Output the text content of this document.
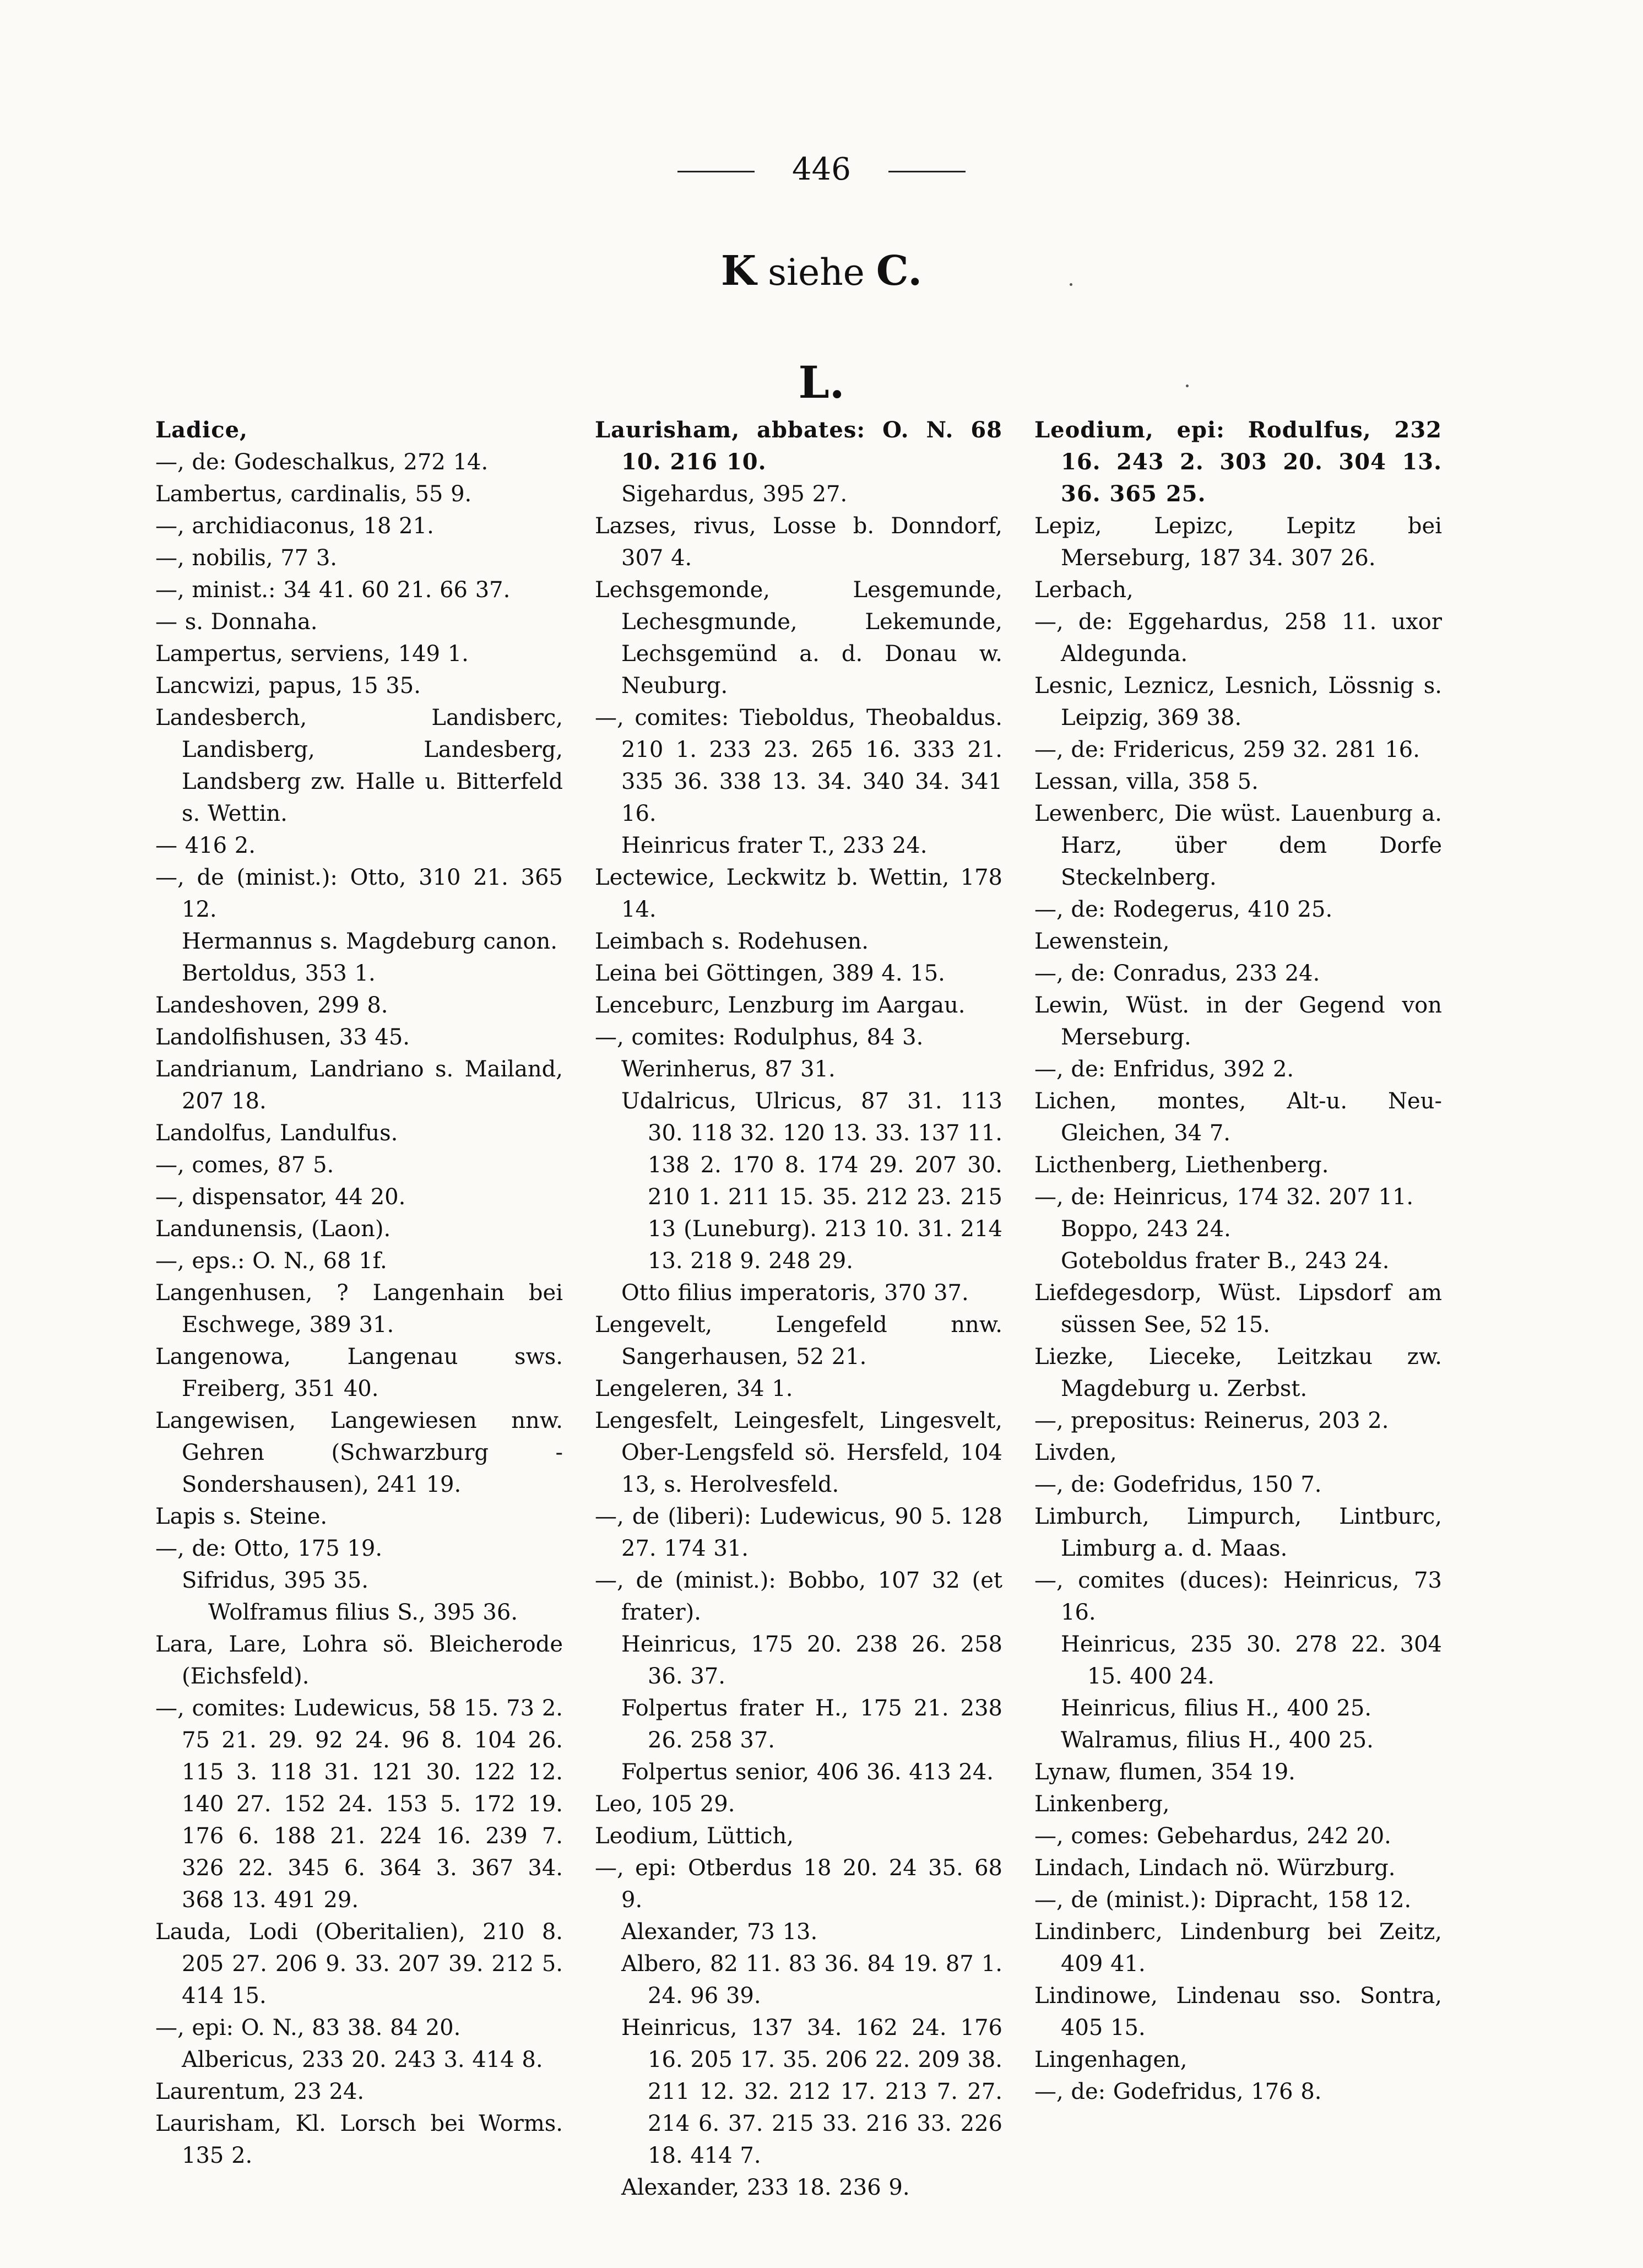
446
K siehe C.
L.
Ladice,
—, de: Godeschalkus, 272 14.
Lambertus, cardinalis, 55 9.
—, archidiaconus, 18 21.
—, nobilis, 77 3.
—, minist.: 34 41. 60 21. 66 37.
— s. Donnaha.
Lampertus, serviens, 149 1.
Lancwizi, papus, 15 35.
Landesberch, Landisberc, Landisberg, Landesberg, Landsberg zw. Halle u. Bitterfeld s. Wettin.
— 416 2.
—, de (minist.): Otto, 310 21. 365 12.
Hermannus s. Magdeburg canon.
Bertoldus, 353 1.
Landeshoven, 299 8.
Landolfishusen, 33 45.
Landrianum, Landriano s. Mailand, 207 18.
Landolfus, Landulfus.
—, comes, 87 5.
—, dispensator, 44 20.
Landunensis, (Laon).
—, eps.: O. N., 68 1f.
Langenhusen, ? Langenhain bei Eschwege, 389 31.
Langenowa, Langenau sws. Freiberg, 351 40.
Langewisen, Langewiesen nnw. Gehren (Schwarzburg - Sondershausen), 241 19.
Lapis s. Steine.
—, de: Otto, 175 19.
Sifridus, 395 35.
Wolframus filius S., 395 36.
Lara, Lare, Lohra sö. Bleicherode (Eichsfeld).
—, comites: Ludewicus, 58 15. 73 2. 75 21. 29. 92 24. 96 8. 104 26. 115 3. 118 31. 121 30. 122 12. 140 27. 152 24. 153 5. 172 19. 176 6. 188 21. 224 16. 239 7. 326 22. 345 6. 364 3. 367 34. 368 13. 491 29.
Lauda, Lodi (Oberitalien), 210 8. 205 27. 206 9. 33. 207 39. 212 5. 414 15.
—, epi: O. N., 83 38. 84 20.
Albericus, 233 20. 243 3. 414 8.
Laurentum, 23 24.
Laurisham, Kl. Lorsch bei Worms. 135 2.
Laurisham, abbates: O. N. 68 10. 216 10.
Sigehardus, 395 27.
Lazses, rivus, Losse b. Donndorf, 307 4.
Lechsgemonde, Lesgemunde, Lechesgmunde, Lekemunde, Lechsgemünd a. d. Donau w. Neuburg.
—, comites: Tieboldus, Theobaldus. 210 1. 233 23. 265 16. 333 21. 335 36. 338 13. 34. 340 34. 341 16.
Heinricus frater T., 233 24.
Lectewice, Leckwitz b. Wettin, 178 14.
Leimbach s. Rodehusen.
Leina bei Göttingen, 389 4. 15.
Lenceburc, Lenzburg im Aargau.
—, comites: Rodulphus, 84 3.
Werinherus, 87 31.
Udalricus, Ulricus, 87 31. 113 30. 118 32. 120 13. 33. 137 11. 138 2. 170 8. 174 29. 207 30. 210 1. 211 15. 35. 212 23. 215 13 (Luneburg). 213 10. 31. 214 13. 218 9. 248 29.
Otto filius imperatoris, 370 37.
Lengevelt, Lengefeld nnw. Sangerhausen, 52 21.
Lengeleren, 34 1.
Lengesfelt, Leingesfelt, Lingesvelt, Ober-Lengsfeld sö. Hersfeld, 104 13, s. Herolvesfeld.
—, de (liberi): Ludewicus, 90 5. 128 27. 174 31.
—, de (minist.): Bobbo, 107 32 (et frater).
Heinricus, 175 20. 238 26. 258 36. 37.
Folpertus frater H., 175 21. 238 26. 258 37.
Folpertus senior, 406 36. 413 24.
Leo, 105 29.
Leodium, Lüttich,
—, epi: Otberdus 18 20. 24 35. 68 9.
Alexander, 73 13.
Albero, 82 11. 83 36. 84 19. 87 1. 24. 96 39.
Heinricus, 137 34. 162 24. 176 16. 205 17. 35. 206 22. 209 38. 211 12. 32. 212 17. 213 7. 27. 214 6. 37. 215 33. 216 33. 226 18. 414 7.
Alexander, 233 18. 236 9.
Leodium, epi: Rodulfus, 232 16. 243 2. 303 20. 304 13. 36. 365 25.
Lepiz, Lepizc, Lepitz bei Merseburg, 187 34. 307 26.
Lerbach,
—, de: Eggehardus, 258 11. uxor Aldegunda.
Lesnic, Leznicz, Lesnich, Lössnig s. Leipzig, 369 38.
—, de: Fridericus, 259 32. 281 16.
Lessan, villa, 358 5.
Lewenberc, Die wüst. Lauenburg a. Harz, über dem Dorfe Steckelnberg.
—, de: Rodegerus, 410 25.
Lewenstein,
—, de: Conradus, 233 24.
Lewin, Wüst. in der Gegend von Merseburg.
—, de: Enfridus, 392 2.
Lichen, montes, Alt-u. Neu-Gleichen, 34 7.
Licthenberg, Liethenberg.
—, de: Heinricus, 174 32. 207 11.
Boppo, 243 24.
Goteboldus frater B., 243 24.
Liefdegesdorp, Wüst. Lipsdorf am süssen See, 52 15.
Liezke, Lieceke, Leitzkau zw. Magdeburg u. Zerbst.
—, prepositus: Reinerus, 203 2.
Livden,
—, de: Godefridus, 150 7.
Limburch, Limpurch, Lintburc, Limburg a. d. Maas.
—, comites (duces): Heinricus, 73 16.
Heinricus, 235 30. 278 22. 304 15. 400 24.
Heinricus, filius H., 400 25.
Walramus, filius H., 400 25.
Lynaw, flumen, 354 19.
Linkenberg,
—, comes: Gebehardus, 242 20.
Lindach, Lindach nö. Würzburg.
—, de (minist.): Dipracht, 158 12.
Lindinberc, Lindenburg bei Zeitz, 409 41.
Lindinowe, Lindenau sso. Sontra, 405 15.
Lingenhagen,
—, de: Godefridus, 176 8.
